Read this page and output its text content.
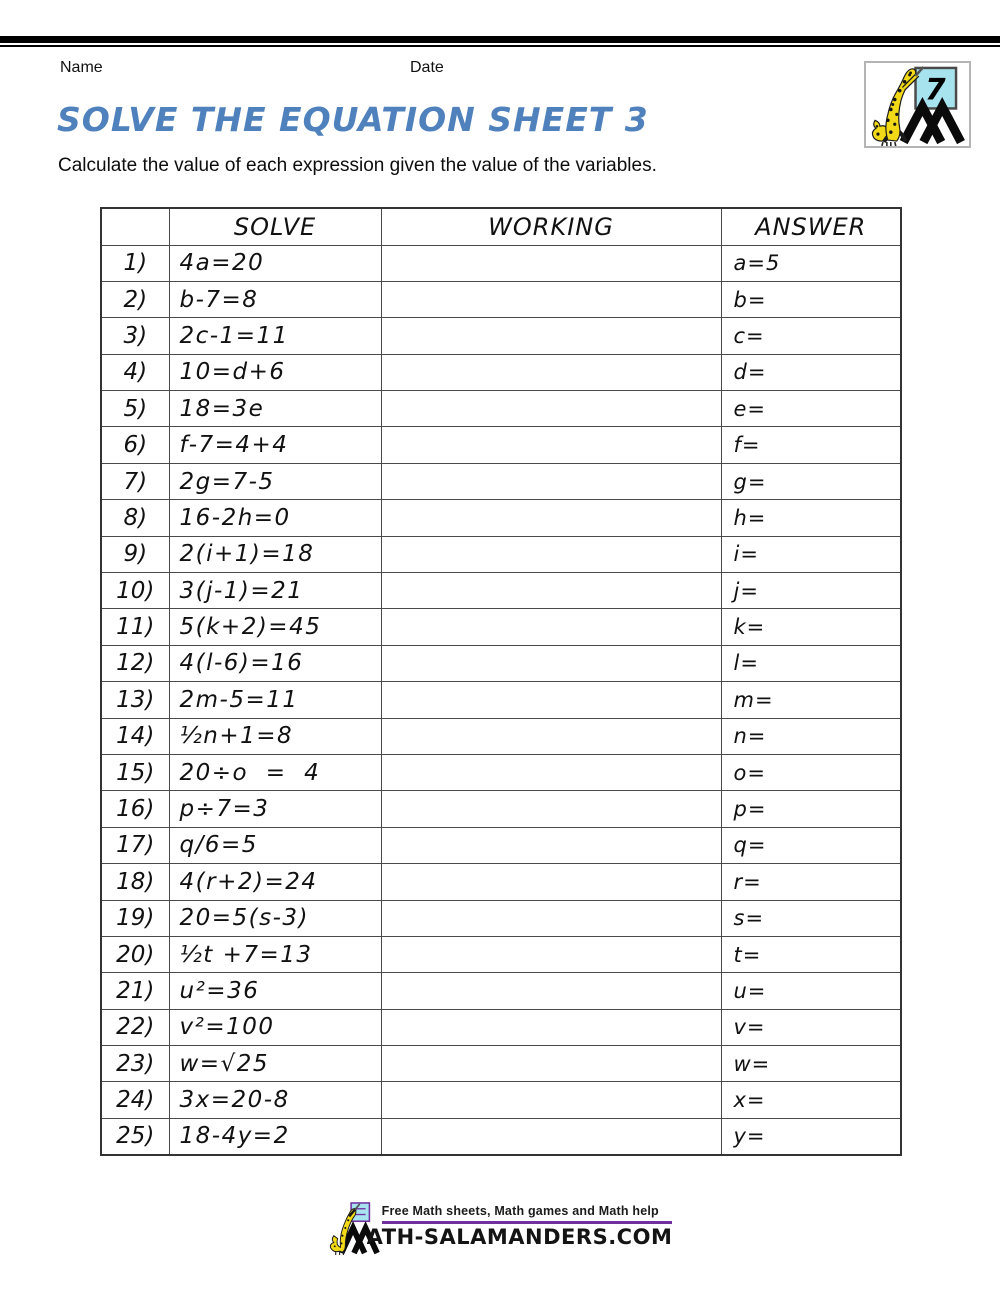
Name	Date
7
SOLVE THE EQUATION SHEET 3

Calculate the value of each expression given the value of the variables.

	SOLVE	WORKING	ANSWER
1)	4a=20		a=5
2)	b-7=8		b=
3)	2c-1=11		c=
4)	10=d+6		d=
5)	18=3e		e=
6)	f-7=4+4		f=
7)	2g=7-5		g=
8)	16-2h=0		h=
9)	2(i+1)=18		i=
10)	3(j-1)=21		j=
11)	5(k+2)=45		k=
12)	4(l-6)=16		l=
13)	2m-5=11		m=
14)	½n+1=8		n=
15)	20÷o  =  4		o=
16)	p÷7=3		p=
17)	q/6=5		q=
18)	4(r+2)=24		r=
19)	20=5(s-3)		s=
20)	½t +7=13		t=
21)	u²=36		u=
22)	v²=100		v=
23)	w=√25		w=
24)	3x=20-8		x=
25)	18-4y=2		y=
Free Math sheets, Math games and Math help
ATH-SALAMANDERS.COM
